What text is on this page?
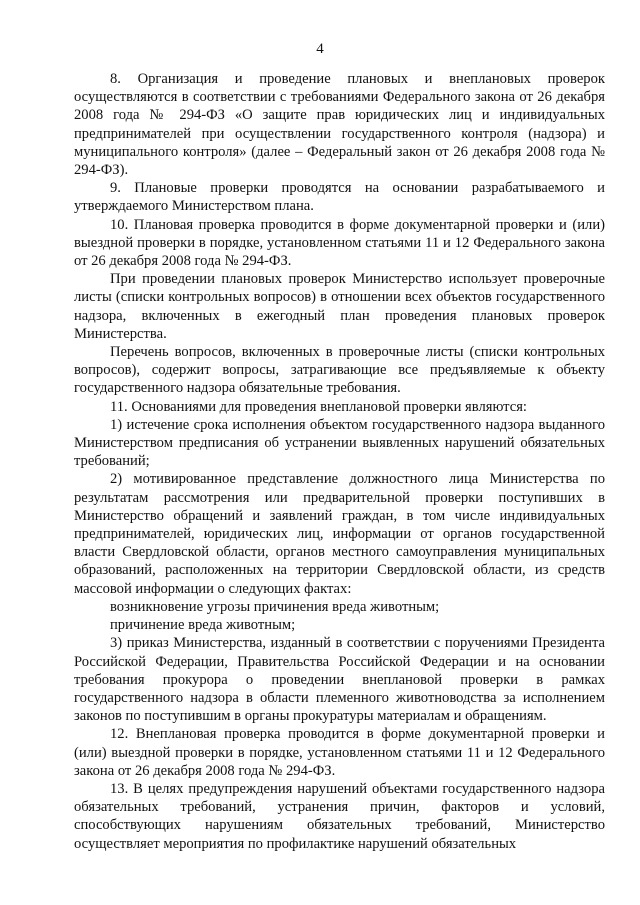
4

8. Организация и проведение плановых и внеплановых проверок осуществляются в соответствии с требованиями Федерального закона от 26 декабря 2008 года № 294-ФЗ «О защите прав юридических лиц и индивидуальных предпринимателей при осуществлении государственного контроля (надзора) и муниципального контроля» (далее – Федеральный закон от 26 декабря 2008 года № 294-ФЗ).

9. Плановые проверки проводятся на основании разрабатываемого и утверждаемого Министерством плана.

10. Плановая проверка проводится в форме документарной проверки и (или) выездной проверки в порядке, установленном статьями 11 и 12 Федерального закона от 26 декабря 2008 года № 294-ФЗ.

При проведении плановых проверок Министерство использует проверочные листы (списки контрольных вопросов) в отношении всех объектов государственного надзора, включенных в ежегодный план проведения плановых проверок Министерства.

Перечень вопросов, включенных в проверочные листы (списки контрольных вопросов), содержит вопросы, затрагивающие все предъявляемые к объекту государственного надзора обязательные требования.

11. Основаниями для проведения внеплановой проверки являются:

1) истечение срока исполнения объектом государственного надзора выданного Министерством предписания об устранении выявленных нарушений обязательных требований;

2) мотивированное представление должностного лица Министерства по результатам рассмотрения или предварительной проверки поступивших в Министерство обращений и заявлений граждан, в том числе индивидуальных предпринимателей, юридических лиц, информации от органов государственной власти Свердловской области, органов местного самоуправления муниципальных образований, расположенных на территории Свердловской области, из средств массовой информации о следующих фактах:

возникновение угрозы причинения вреда животным;

причинение вреда животным;

3) приказ Министерства, изданный в соответствии с поручениями Президента Российской Федерации, Правительства Российской Федерации и на основании требования прокурора о проведении внеплановой проверки в рамках государственного надзора в области племенного животноводства за исполнением законов по поступившим в органы прокуратуры материалам и обращениям.

12. Внеплановая проверка проводится в форме документарной проверки и (или) выездной проверки в порядке, установленном статьями 11 и 12 Федерального закона от 26 декабря 2008 года № 294-ФЗ.

13. В целях предупреждения нарушений объектами государственного надзора обязательных требований, устранения причин, факторов и условий, способствующих нарушениям обязательных требований, Министерство осуществляет мероприятия по профилактике нарушений обязательных
